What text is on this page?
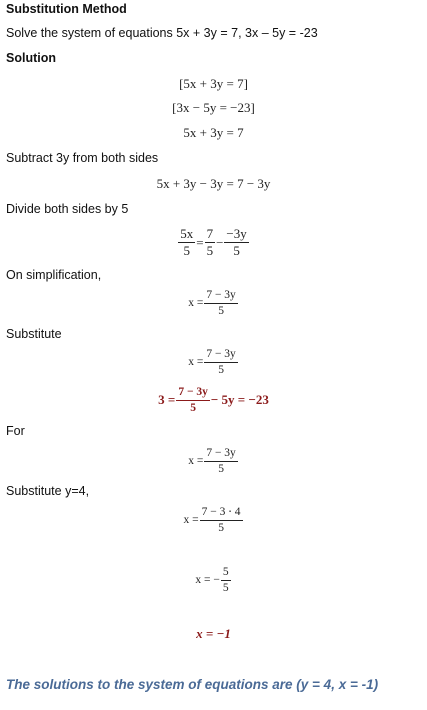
Substitution Method
Solve the system of equations 5x + 3y = 7, 3x – 5y = -23
Solution
[5x + 3y = 7]
[3x − 5y = −23]
5x + 3y = 7
Subtract 3y from both sides
5x + 3y − 3y = 7 − 3y
Divide both sides by 5
$\frac{5x}{5} = \frac{7}{5} - \frac{-3y}{5}$
On simplification,
$x = \frac{7 - 3y}{5}$
Substitute
$x = \frac{7 - 3y}{5}$
$3 = \frac{7 - 3y}{5} - 5y = -23$
For
$x = \frac{7 - 3y}{5}$
Substitute y=4,
$x = \frac{7 - 3 \cdot 4}{5}$
x = − $\frac{5}{5}$
x = −1
The solutions to the system of equations are (y = 4, x = -1)
